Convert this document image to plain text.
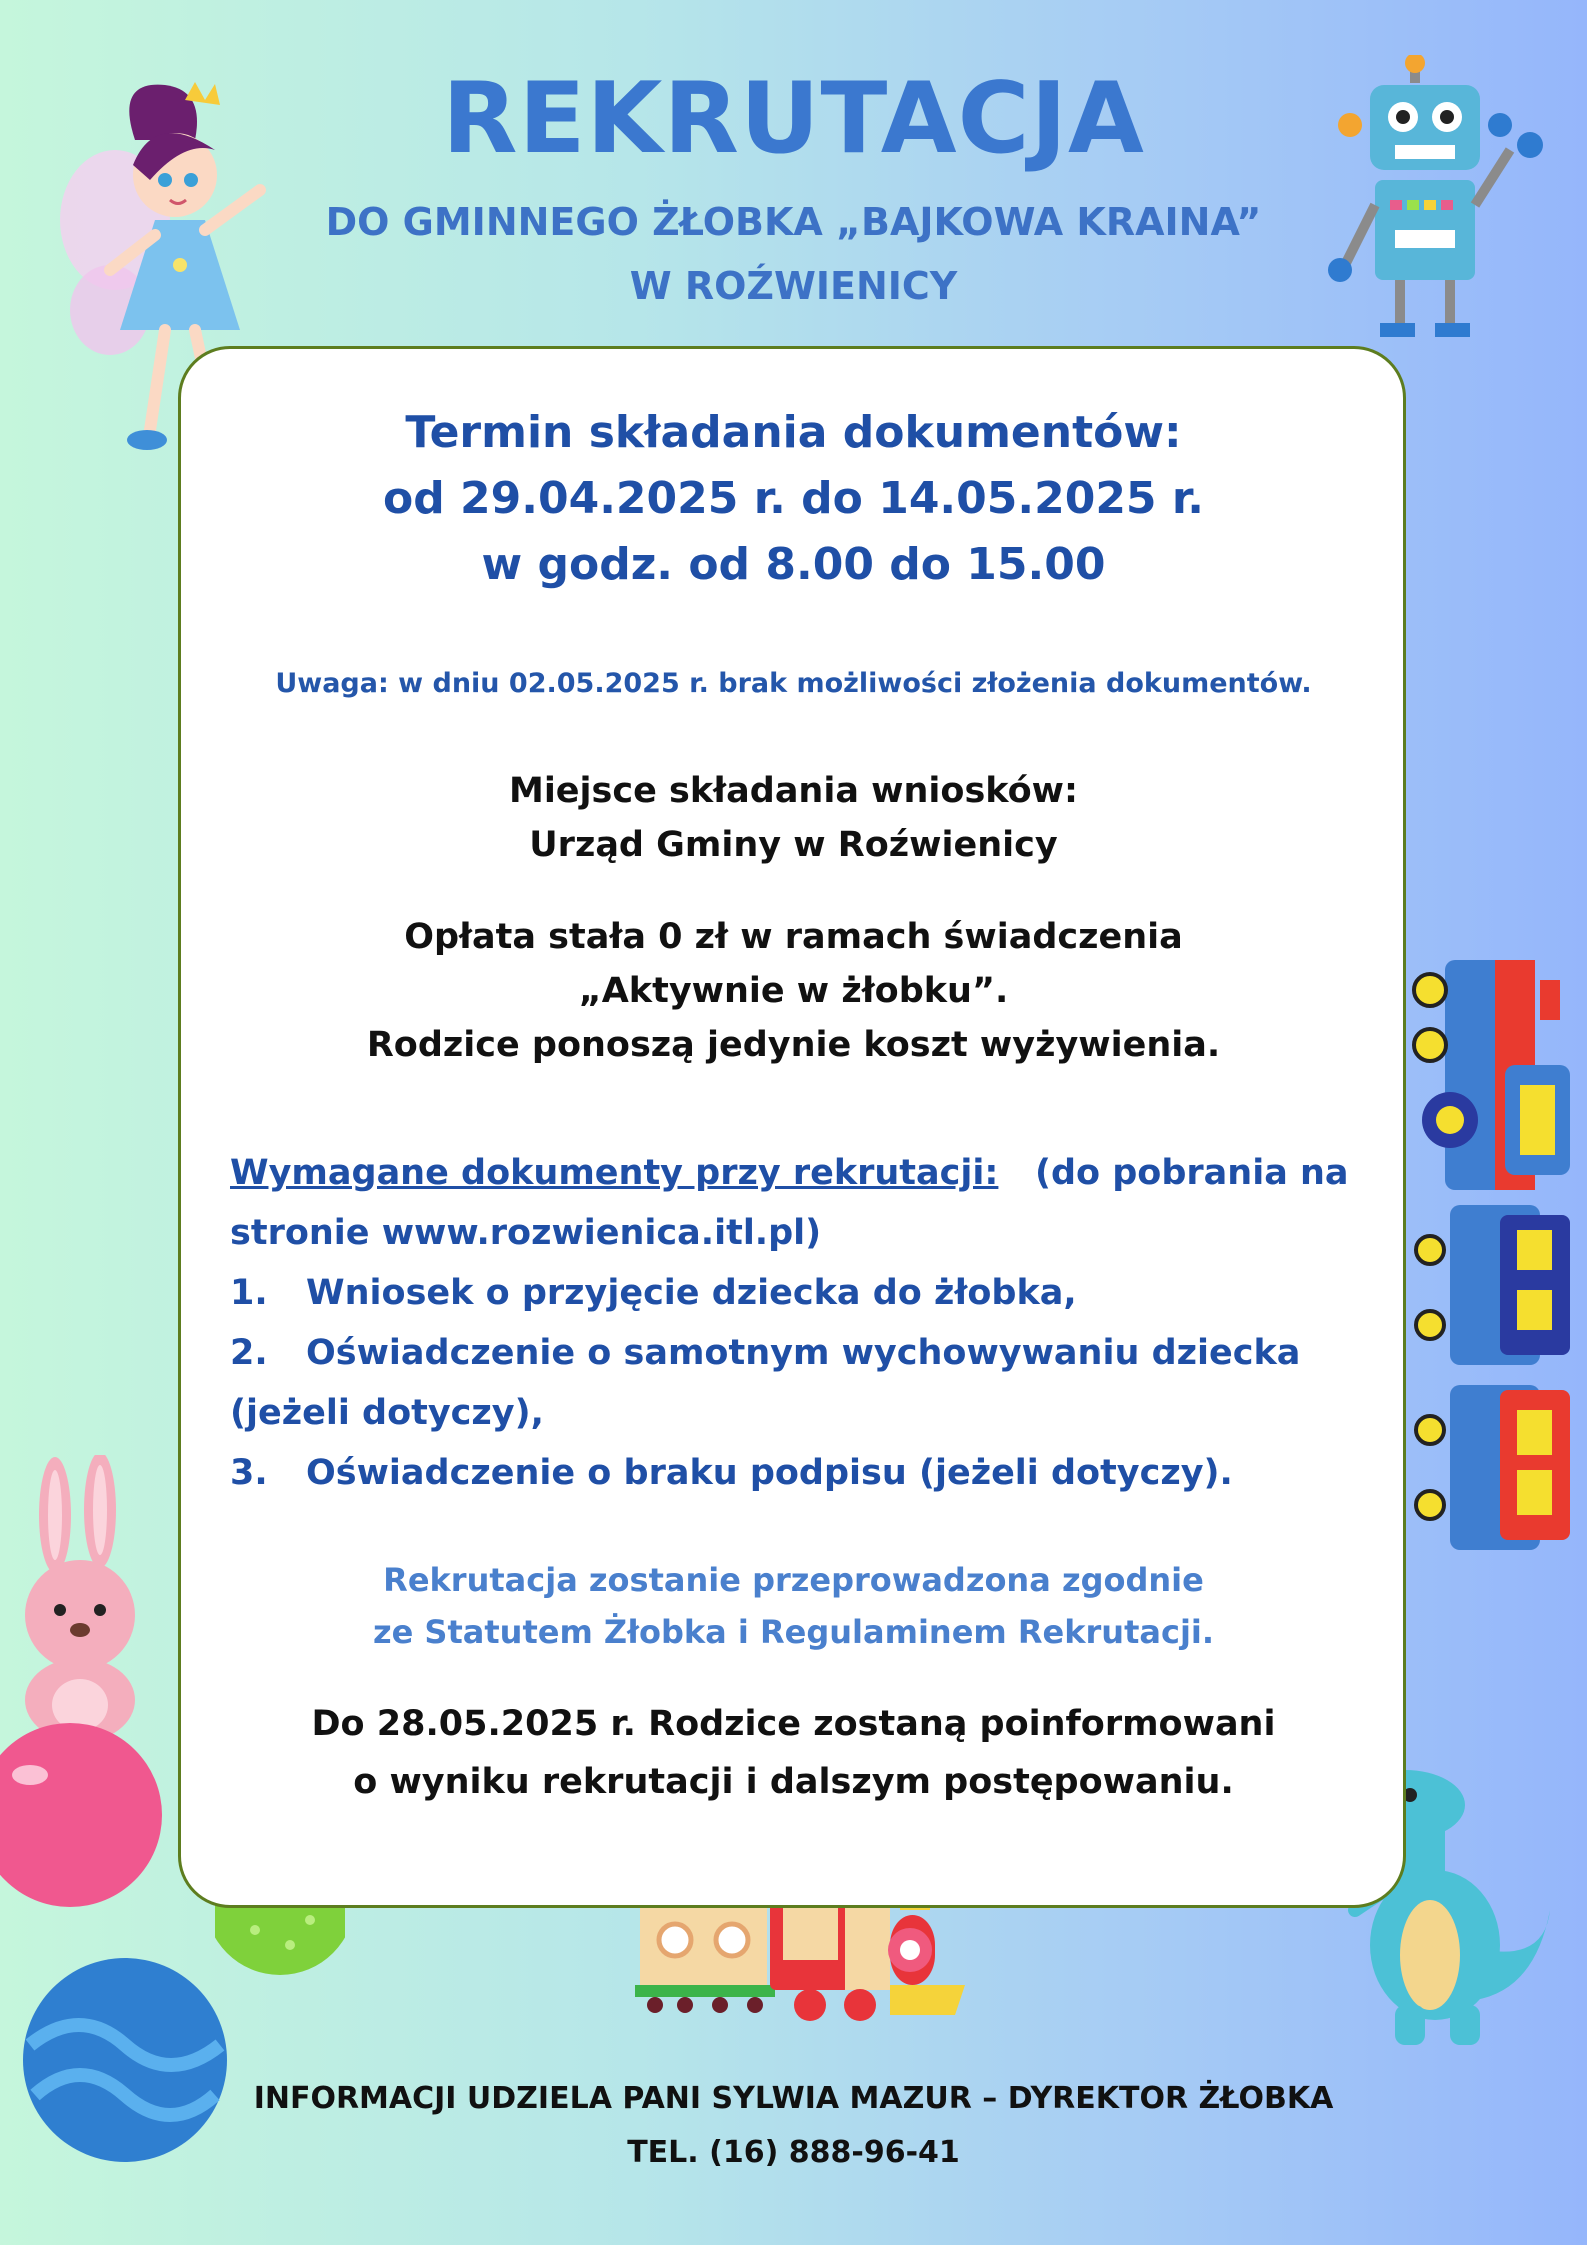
REKRUTACJA
DO GMINNEGO ŻŁOBKA „BAJKOWA KRAINA”
W ROŹWIENICY
Termin składania dokumentów:
od 29.04.2025 r. do 14.05.2025 r.
w godz. od 8.00 do 15.00
Uwaga: w dniu 02.05.2025 r. brak możliwości złożenia dokumentów.
Miejsce składania wniosków:
Urząd Gminy w Roźwienicy
Opłata stała 0 zł w ramach świadczenia
„Aktywnie w żłobku”.
Rodzice ponoszą jedynie koszt wyżywienia.
Wymagane dokumenty przy rekrutacji: (do pobrania na
stronie www.rozwienica.itl.pl)
1. Wniosek o przyjęcie dziecka do żłobka,
2. Oświadczenie o samotnym wychowywaniu dziecka
(jeżeli dotyczy),
3. Oświadczenie o braku podpisu (jeżeli dotyczy).
Rekrutacja zostanie przeprowadzona zgodnie
ze Statutem Żłobka i Regulaminem Rekrutacji.
Do 28.05.2025 r. Rodzice zostaną poinformowani
o wyniku rekrutacji i dalszym postępowaniu.
INFORMACJI UDZIELA PANI SYLWIA MAZUR – DYREKTOR ŻŁOBKA
TEL. (16) 888-96-41
